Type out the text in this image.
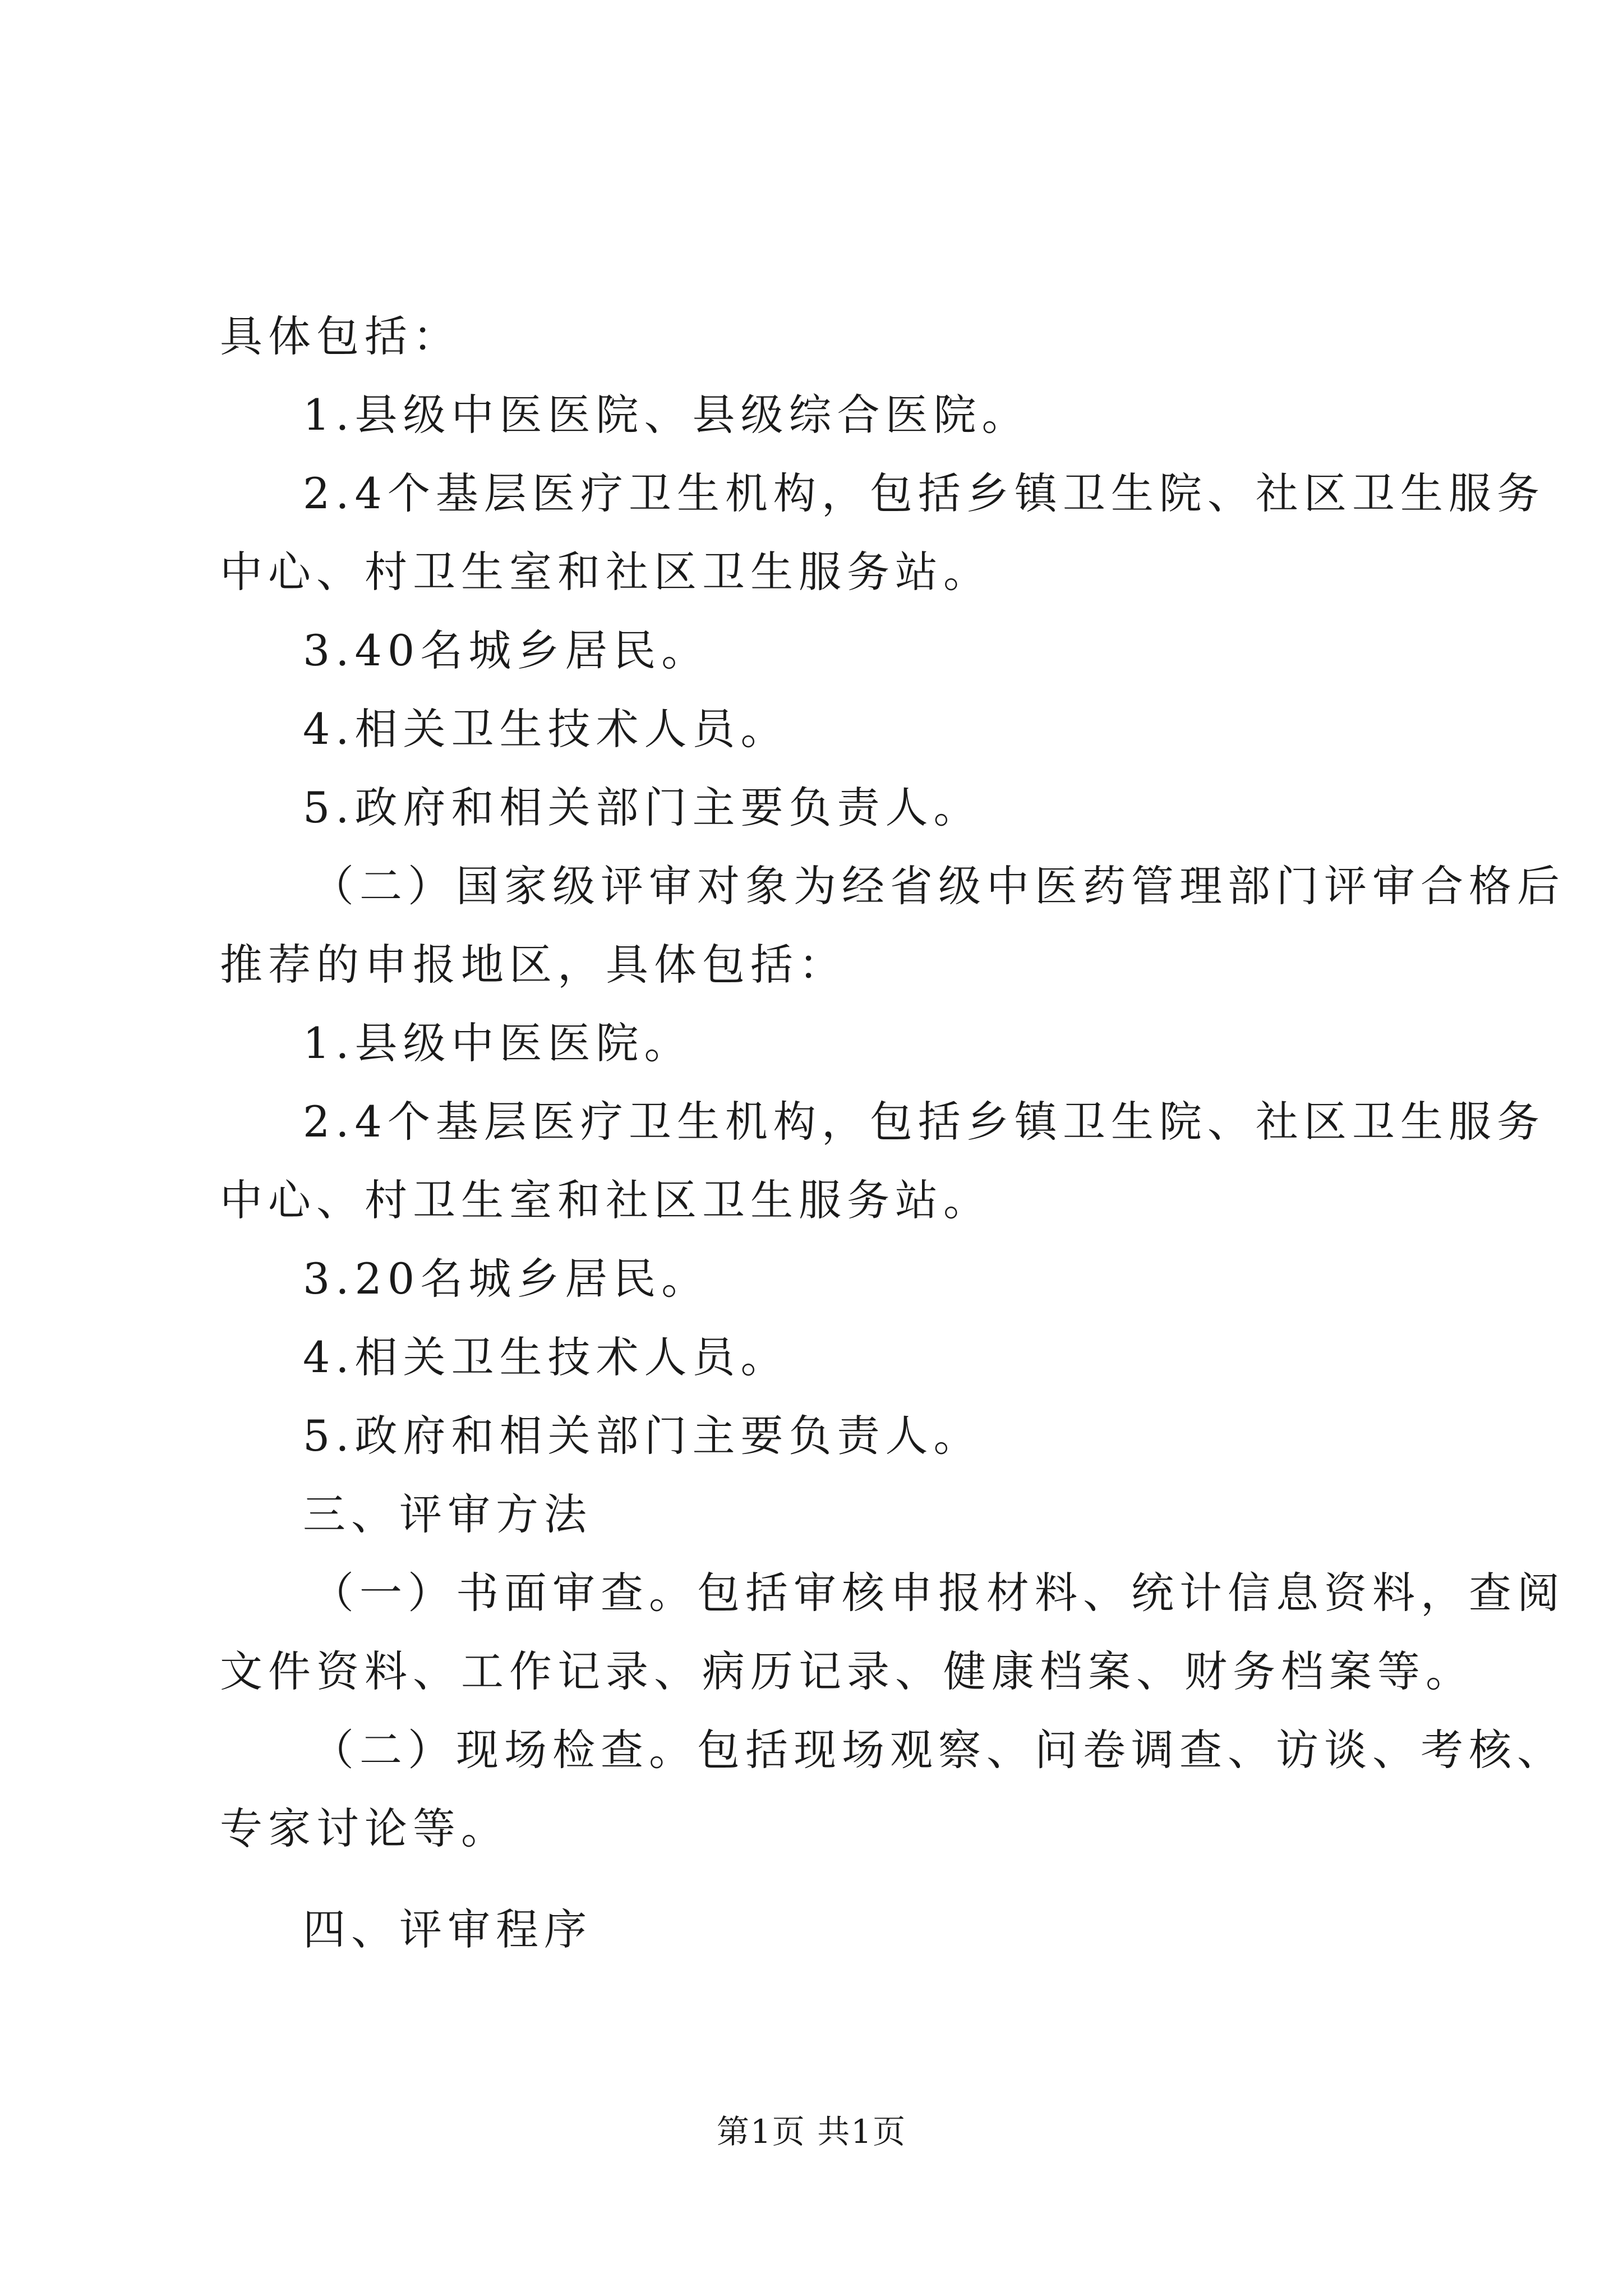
具体包括：
1.县级中医医院、县级综合医院。
2.4个基层医疗卫生机构，包括乡镇卫生院、社区卫生服务
中心、村卫生室和社区卫生服务站。
3.40名城乡居民。
4.相关卫生技术人员。
5.政府和相关部门主要负责人。
（二）国家级评审对象为经省级中医药管理部门评审合格后
推荐的申报地区，具体包括：
1.县级中医医院。
2.4个基层医疗卫生机构，包括乡镇卫生院、社区卫生服务
中心、村卫生室和社区卫生服务站。
3.20名城乡居民。
4.相关卫生技术人员。
5.政府和相关部门主要负责人。
三、评审方法
（一）书面审查。包括审核申报材料、统计信息资料，查阅
文件资料、工作记录、病历记录、健康档案、财务档案等。
（二）现场检查。包括现场观察、问卷调查、访谈、考核、
专家讨论等。
四、评审程序
第1页 共1页
